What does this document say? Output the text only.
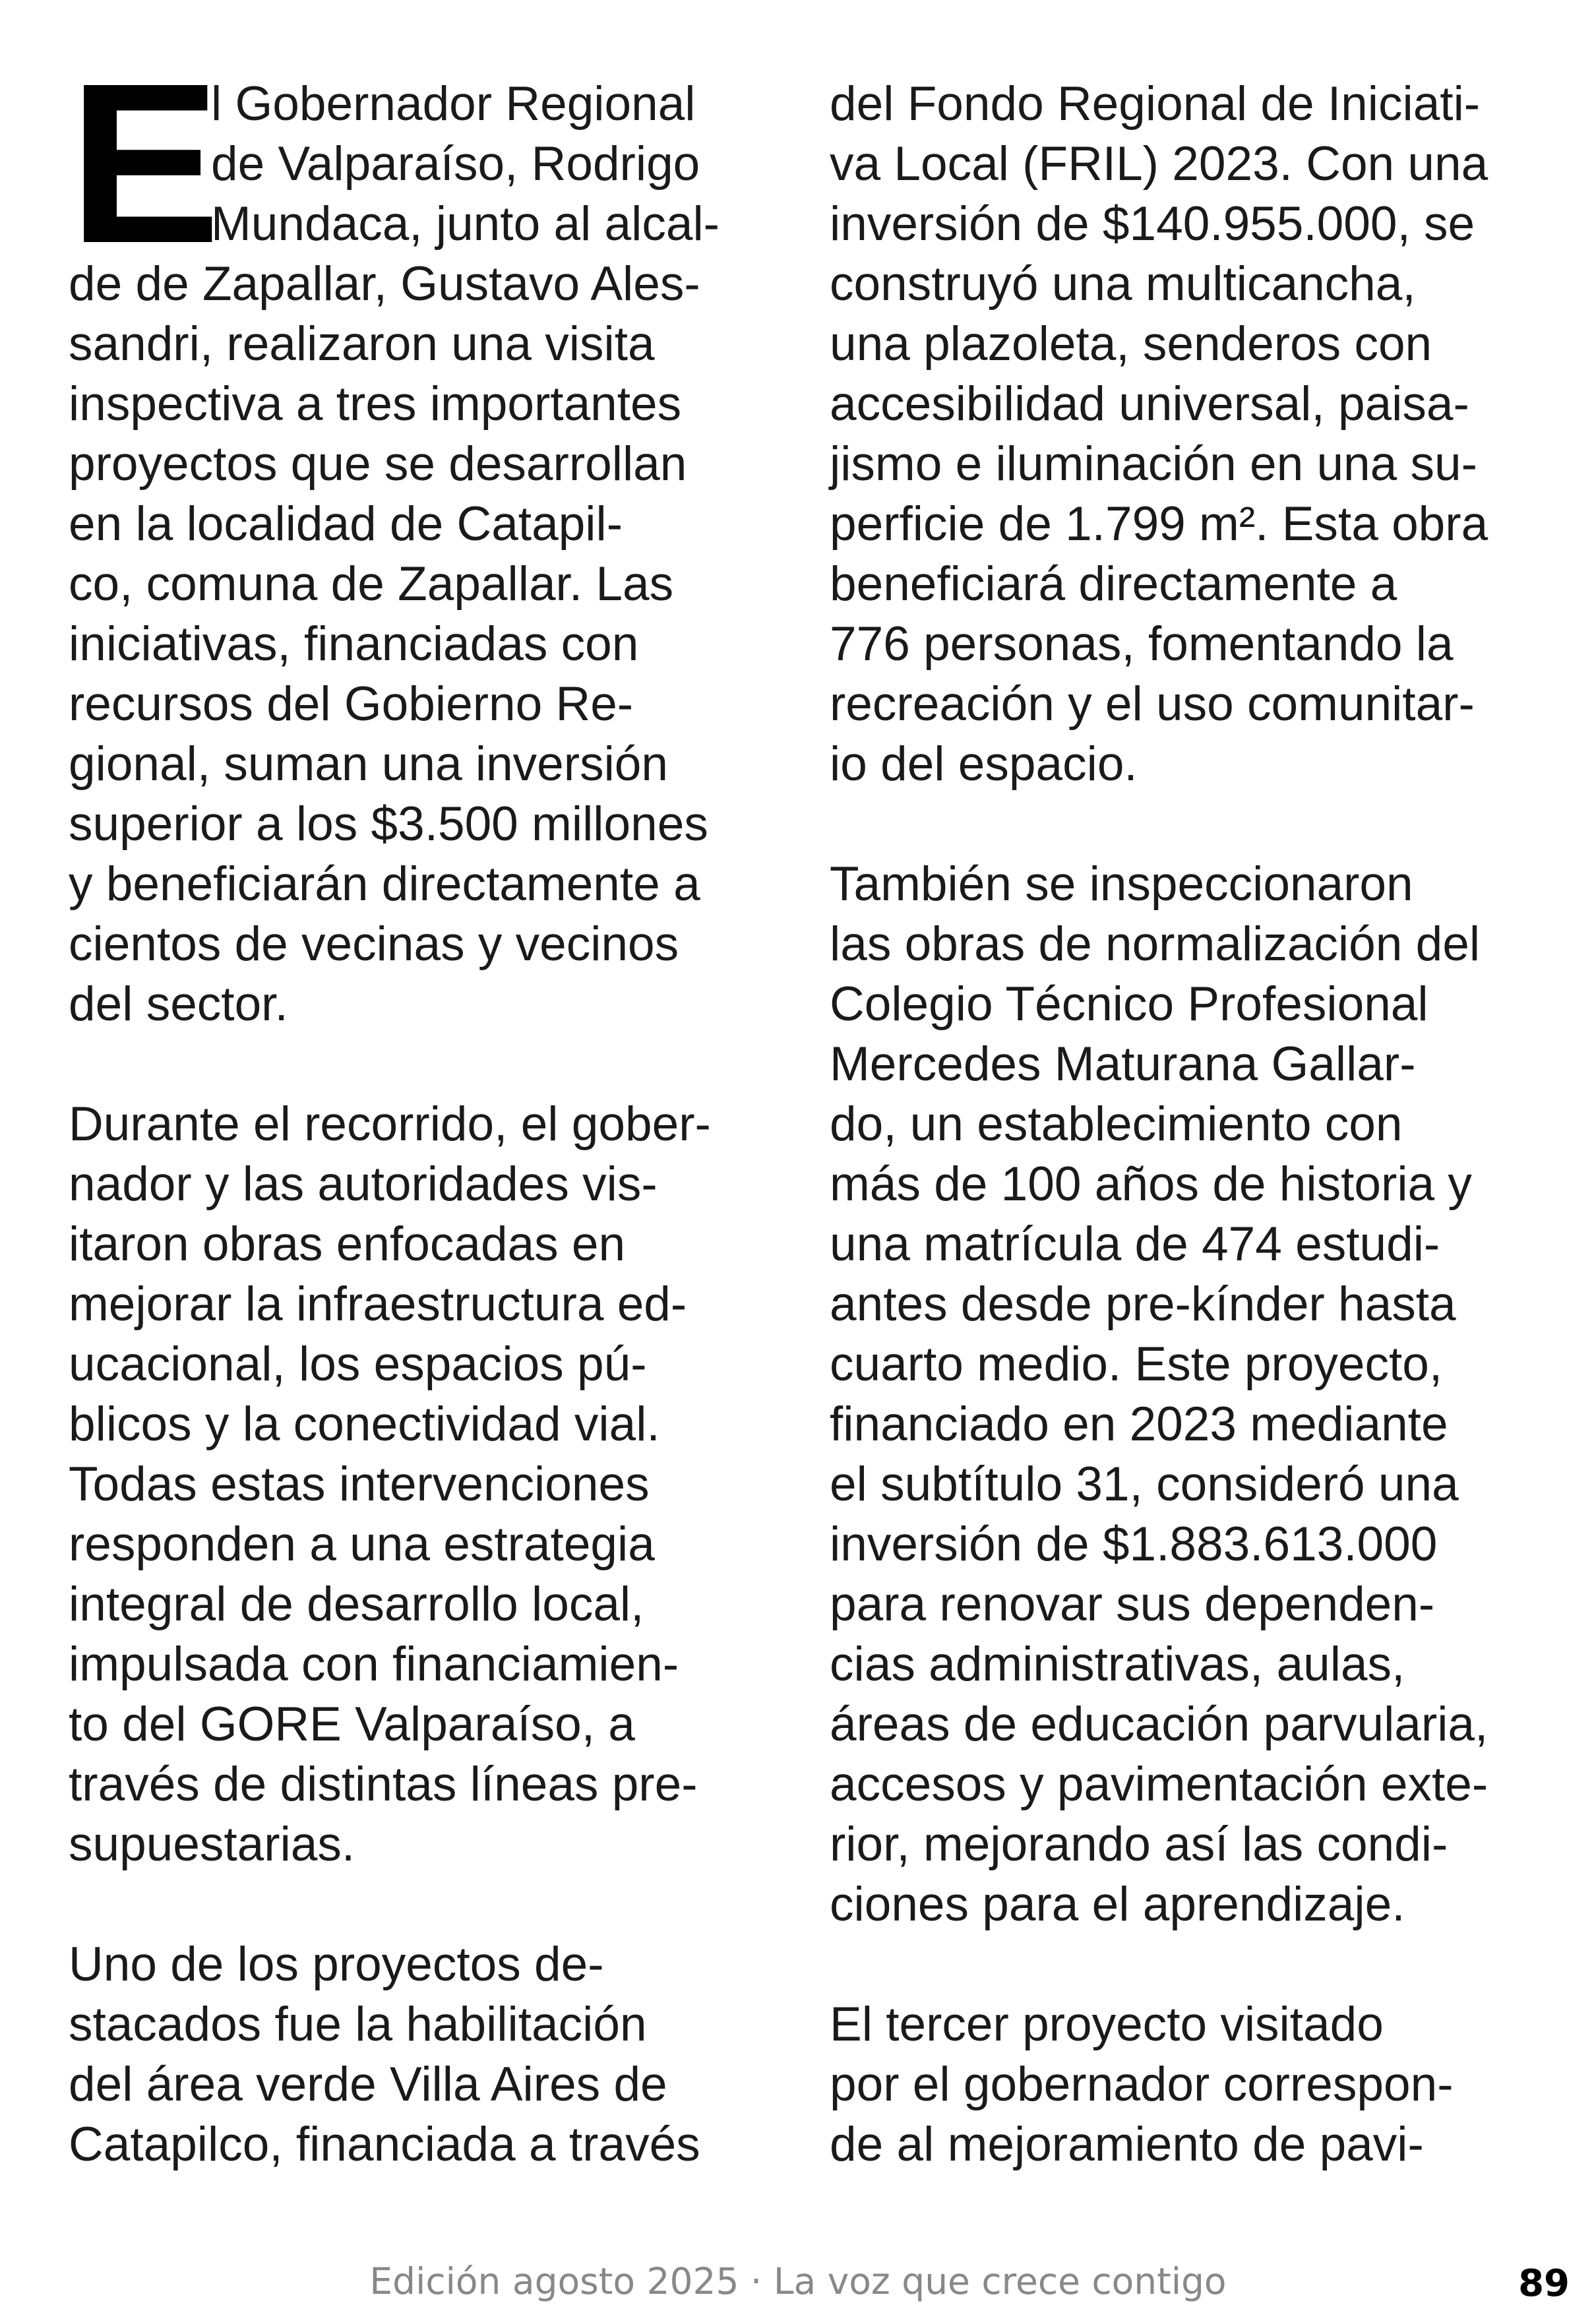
E
l Gobernador Regional
de Valparaíso, Rodrigo
Mundaca, junto al alcal-
de de Zapallar, Gustavo Ales-
sandri, realizaron una visita
inspectiva a tres importantes
proyectos que se desarrollan
en la localidad de Catapil-
co, comuna de Zapallar. Las
iniciativas, financiadas con
recursos del Gobierno Re-
gional, suman una inversión
superior a los $3.500 millones
y beneficiarán directamente a
cientos de vecinas y vecinos
del sector.
Durante el recorrido, el gober-
nador y las autoridades vis-
itaron obras enfocadas en
mejorar la infraestructura ed-
ucacional, los espacios pú-
blicos y la conectividad vial.
Todas estas intervenciones
responden a una estrategia
integral de desarrollo local,
impulsada con financiamien-
to del GORE Valparaíso, a
través de distintas líneas pre-
supuestarias.
Uno de los proyectos de-
stacados fue la habilitación
del área verde Villa Aires de
Catapilco, financiada a través
del Fondo Regional de Iniciati-
va Local (FRIL) 2023. Con una
inversión de $140.955.000, se
construyó una multicancha,
una plazoleta, senderos con
accesibilidad universal, paisa-
jismo e iluminación en una su-
perficie de 1.799 m². Esta obra
beneficiará directamente a
776 personas, fomentando la
recreación y el uso comunitar-
io del espacio.
También se inspeccionaron
las obras de normalización del
Colegio Técnico Profesional
Mercedes Maturana Gallar-
do, un establecimiento con
más de 100 años de historia y
una matrícula de 474 estudi-
antes desde pre-kínder hasta
cuarto medio. Este proyecto,
financiado en 2023 mediante
el subtítulo 31, consideró una
inversión de $1.883.613.000
para renovar sus dependen-
cias administrativas, aulas,
áreas de educación parvularia,
accesos y pavimentación exte-
rior, mejorando así las condi-
ciones para el aprendizaje.
El tercer proyecto visitado
por el gobernador correspon-
de al mejoramiento de pavi-
Edición agosto 2025 · La voz que crece contigo	89
